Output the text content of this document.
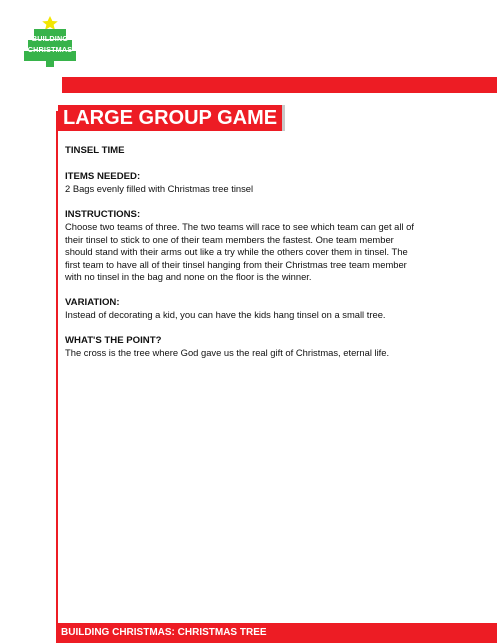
BUILDING
CHRISTMAS
LARGE GROUP GAME
TINSEL TIME
ITEMS NEEDED:

2 Bags evenly filled with Christmas tree tinsel

INSTRUCTIONS:
Choose two teams of three. The two teams will race to see which team can get all of
their tinsel to stick to one of their team members the fastest. One team member
should stand with their arms out like a try while the others cover them in tinsel. The
first team to have all of their tinsel hanging from their Christmas tree team member
with no tinsel in the bag and none on the floor is the winner.
VARIATION:

Instead of decorating a kid, you can have the kids hang tinsel on a small tree.

WHAT'S THE POINT?

The cross is the tree where God gave us the real gift of Christmas, eternal life.

BUILDING CHRISTMAS: CHRISTMAS TREE
